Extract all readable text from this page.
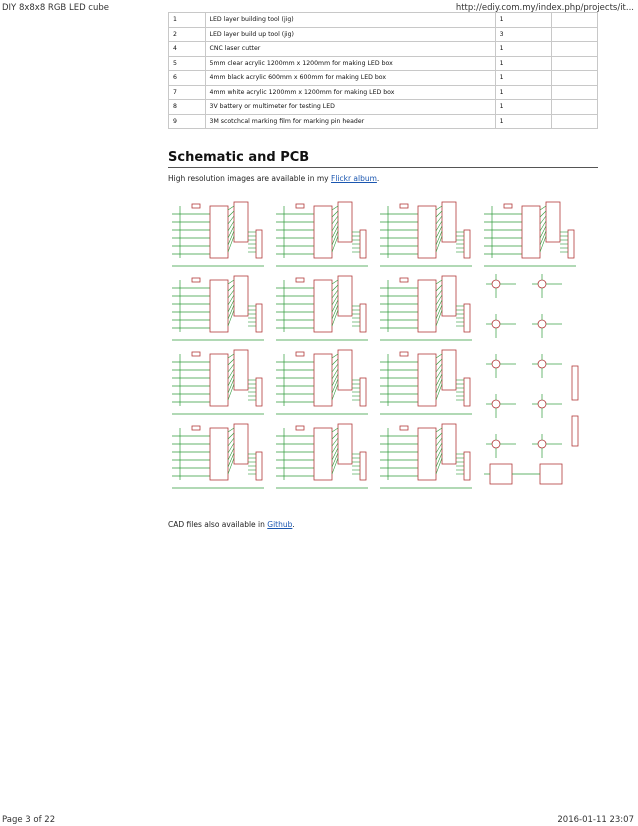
DIY 8x8x8 RGB LED cube	http://ediy.com.my/index.php/projects/it...
1	LED layer building tool (jig)	1	
2	LED layer build up tool (jig)	3	
4	CNC laser cutter	1	
5	5mm clear acrylic 1200mm x 1200mm for making LED box	1	
6	4mm black acrylic 600mm x 600mm for making LED box	1	
7	4mm white acrylic 1200mm x 1200mm for making LED box	1	
8	3V battery or multimeter for testing LED	1	
9	3M scotchcal marking film for marking pin header	1	
Schematic and PCB
High resolution images are available in my Flickr album.
CAD files also available in Github.
Page 3 of 22	2016-01-11 23:07
